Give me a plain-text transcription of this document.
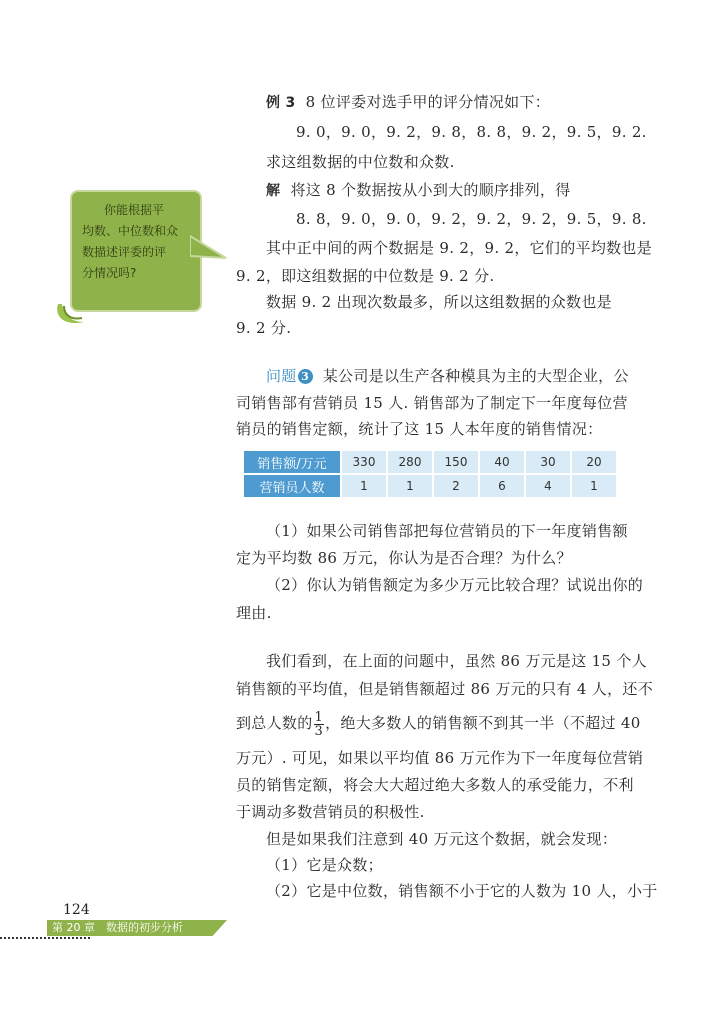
例 3 8 位评委对选手甲的评分情况如下：
9. 0，9. 0，9. 2，9. 8，8. 8，9. 2，9. 5，9. 2.
求这组数据的中位数和众数.
解 将这 8 个数据按从小到大的顺序排列，得
8. 8，9. 0，9. 0，9. 2，9. 2，9. 2，9. 5，9. 8.
其中正中间的两个数据是 9. 2，9. 2，它们的平均数也是
9. 2，即这组数据的中位数是 9. 2 分.
数据 9. 2 出现次数最多，所以这组数据的众数也是
9. 2 分.
你能根据平
均数、中位数和众
数描述评委的评
分情况吗?
问题 3 某公司是以生产各种模具为主的大型企业，公
司销售部有营销员 15 人. 销售部为了制定下一年度每位营
销员的销售定额，统计了这 15 人本年度的销售情况：
销售额/万元	330	280	150	40	30	20
营销员人数	1	1	2	6	4	1
（1）如果公司销售部把每位营销员的下一年度销售额
定为平均数 86 万元，你认为是否合理？为什么？
（2）你认为销售额定为多少万元比较合理？试说出你的
理由.
我们看到，在上面的问题中，虽然 86 万元是这 15 个人
销售额的平均值，但是销售额超过 86 万元的只有 4 人，还不
到总人数的 $\frac{1}{3}$ ，绝大多数人的销售额不到其一半（不超过 40
万元）. 可见，如果以平均值 86 万元作为下一年度每位营销
员的销售定额，将会大大超过绝大多数人的承受能力，不利
于调动多数营销员的积极性.
但是如果我们注意到 40 万元这个数据，就会发现：
（1）它是众数；
（2）它是中位数，销售额不小于它的人数为 10 人，小于
124
第 20 章　数据的初步分析
